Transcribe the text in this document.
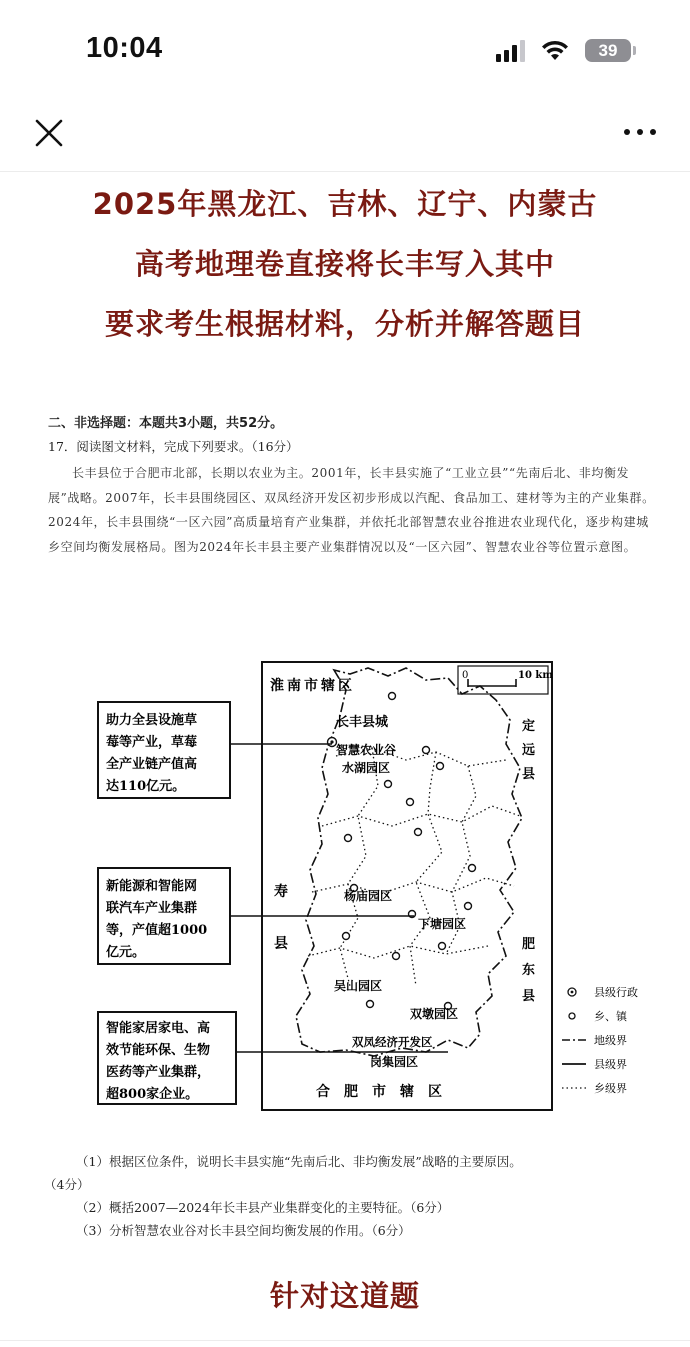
10:04	39
2025年黑龙江、吉林、辽宁、内蒙古
高考地理卷直接将长丰写入其中
要求考生根据材料，分析并解答题目
二、非选择题：本题共3小题，共52分。
17．阅读图文材料，完成下列要求。（16分）
长丰县位于合肥市北部，长期以农业为主。2001年，长丰县实施了“工业立县”“先南后北、非均衡发展”战略。2007年，长丰县围绕园区、双凤经济开发区初步形成以汽配、食品加工、建材等为主的产业集群。2024年，长丰县围绕“一区六园”高质量培育产业集群，并依托北部智慧农业谷推进农业现代化，逐步构建城乡空间均衡发展格局。图为2024年长丰县主要产业集群情况以及“一区六园”、智慧农业谷等位置示意图。
0	10 km
淮南市辖区
合　肥　市　辖　区
寿
县
定
远
县
肥
东
县
长丰县城
智慧农业谷
水湖园区
杨庙园区
下塘园区
吴山园区
双墩园区
双凤经济开发区
岗集园区
助力全县设施草
莓等产业，草莓
全产业链产值高
达110亿元。
新能源和智能网
联汽车产业集群
等，产值超1000
亿元。
智能家居家电、高
效节能环保、生物
医药等产业集群，
超800家企业。
县级行政
乡、镇
地级界
县级界
乡级界
（1）根据区位条件，说明长丰县实施“先南后北、非均衡发展”战略的主要原因。
（4分）
（2）概括2007—2024年长丰县产业集群变化的主要特征。（6分）
（3）分析智慧农业谷对长丰县空间均衡发展的作用。（6分）
针对这道题
